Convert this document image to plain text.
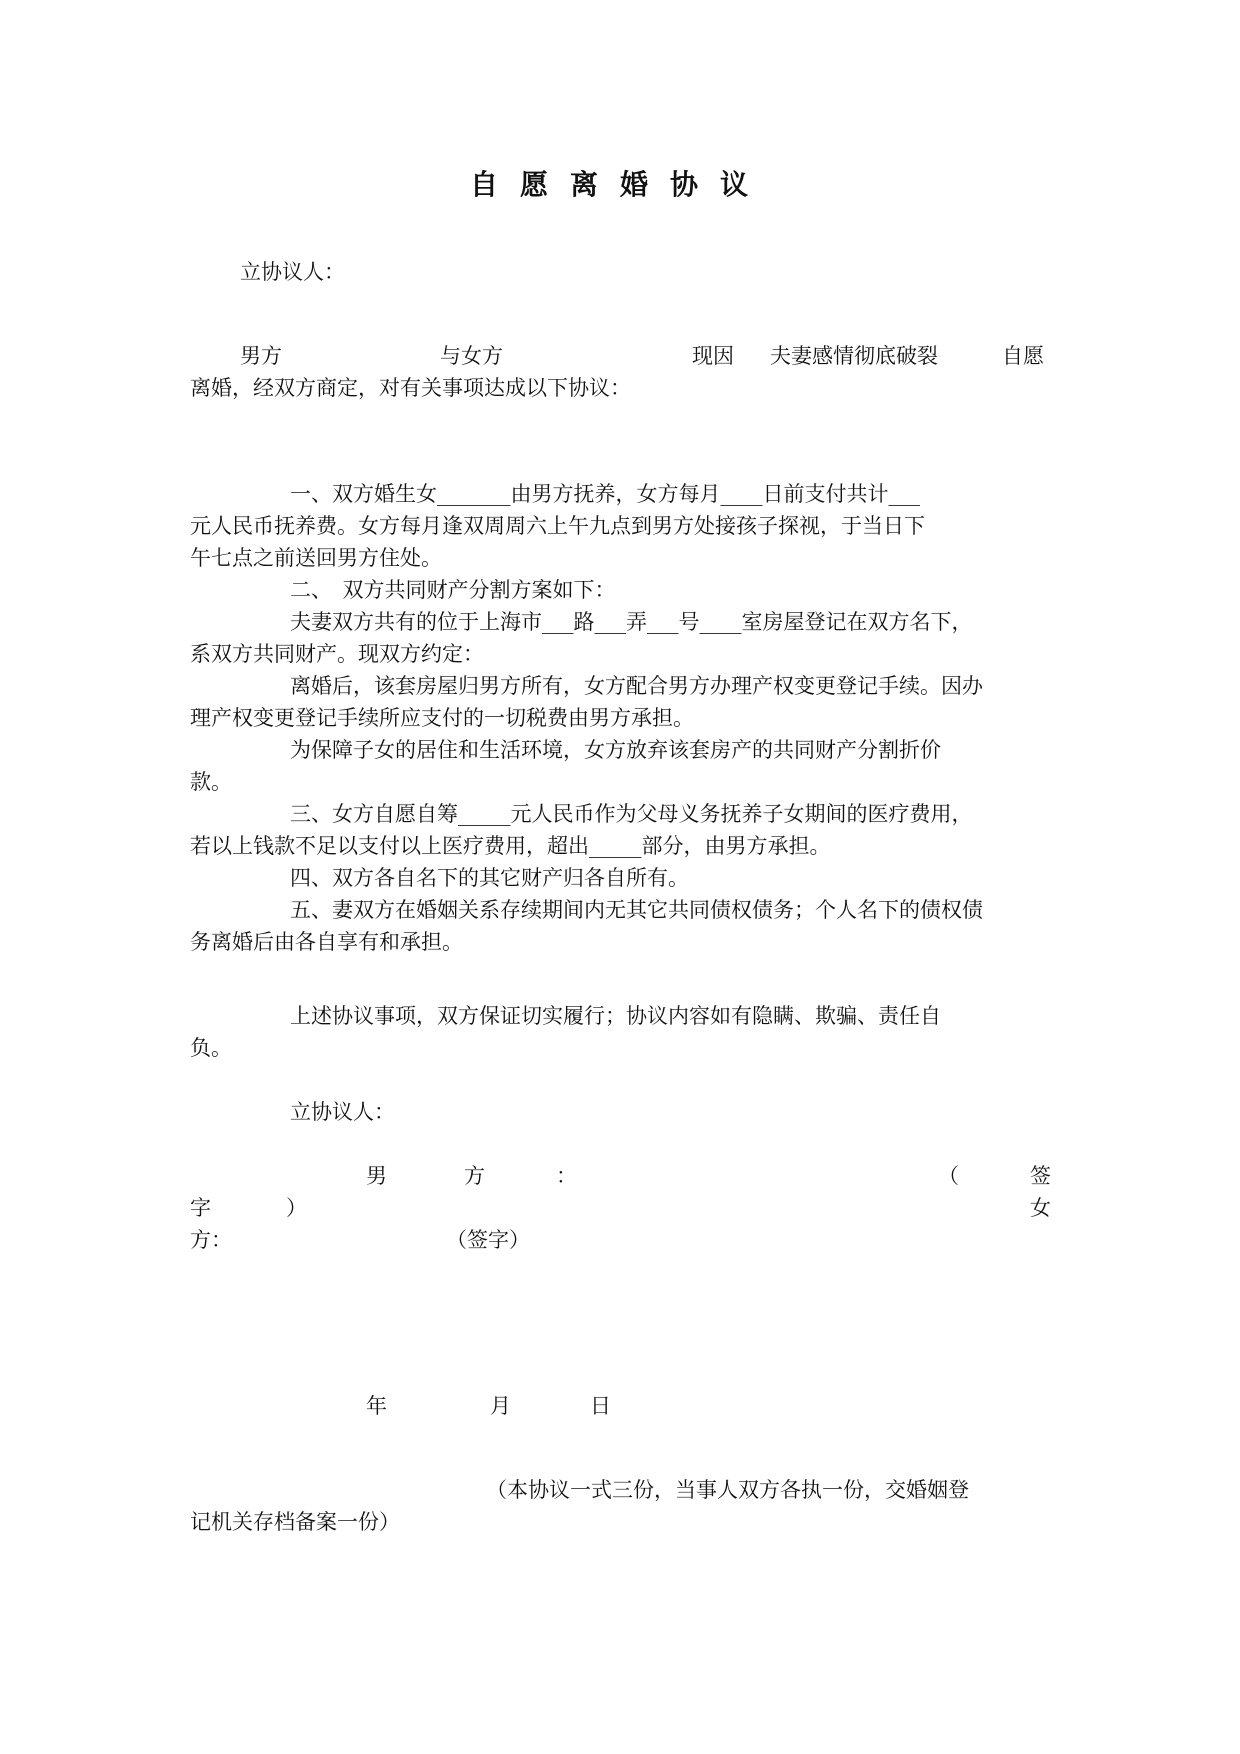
自愿离婚协议
立协议人：
男方	与女方	现因 夫妻感情彻底破裂	自愿
离婚，经双方商定，对有关事项达成以下协议：
一、双方婚生女_______由男方抚养，女方每月____日前支付共计___
元人民币抚养费。女方每月逢双周周六上午九点到男方处接孩子探视，于当日下
午七点之前送回男方住处。
二、　双方共同财产分割方案如下：
夫妻双方共有的位于上海市___路___弄___号____室房屋登记在双方名下，
系双方共同财产。现双方约定：
离婚后，该套房屋归男方所有，女方配合男方办理产权变更登记手续。因办
理产权变更登记手续所应支付的一切税费由男方承担。
为保障子女的居住和生活环境，女方放弃该套房产的共同财产分割折价
款。
三、女方自愿自筹_____元人民币作为父母义务抚养子女期间的医疗费用，
若以上钱款不足以支付以上医疗费用，超出_____部分，由男方承担。
四、双方各自名下的其它财产归各自所有。
五、妻双方在婚姻关系存续期间内无其它共同债权债务；个人名下的债权债
务离婚后由各自享有和承担。
上述协议事项，双方保证切实履行；协议内容如有隐瞒、欺骗、责任自
负。
立协议人：
男	方	：	（	签
字	）	女
方：	（签字）
年	月	日
（本协议一式三份，当事人双方各执一份，交婚姻登
记机关存档备案一份）
